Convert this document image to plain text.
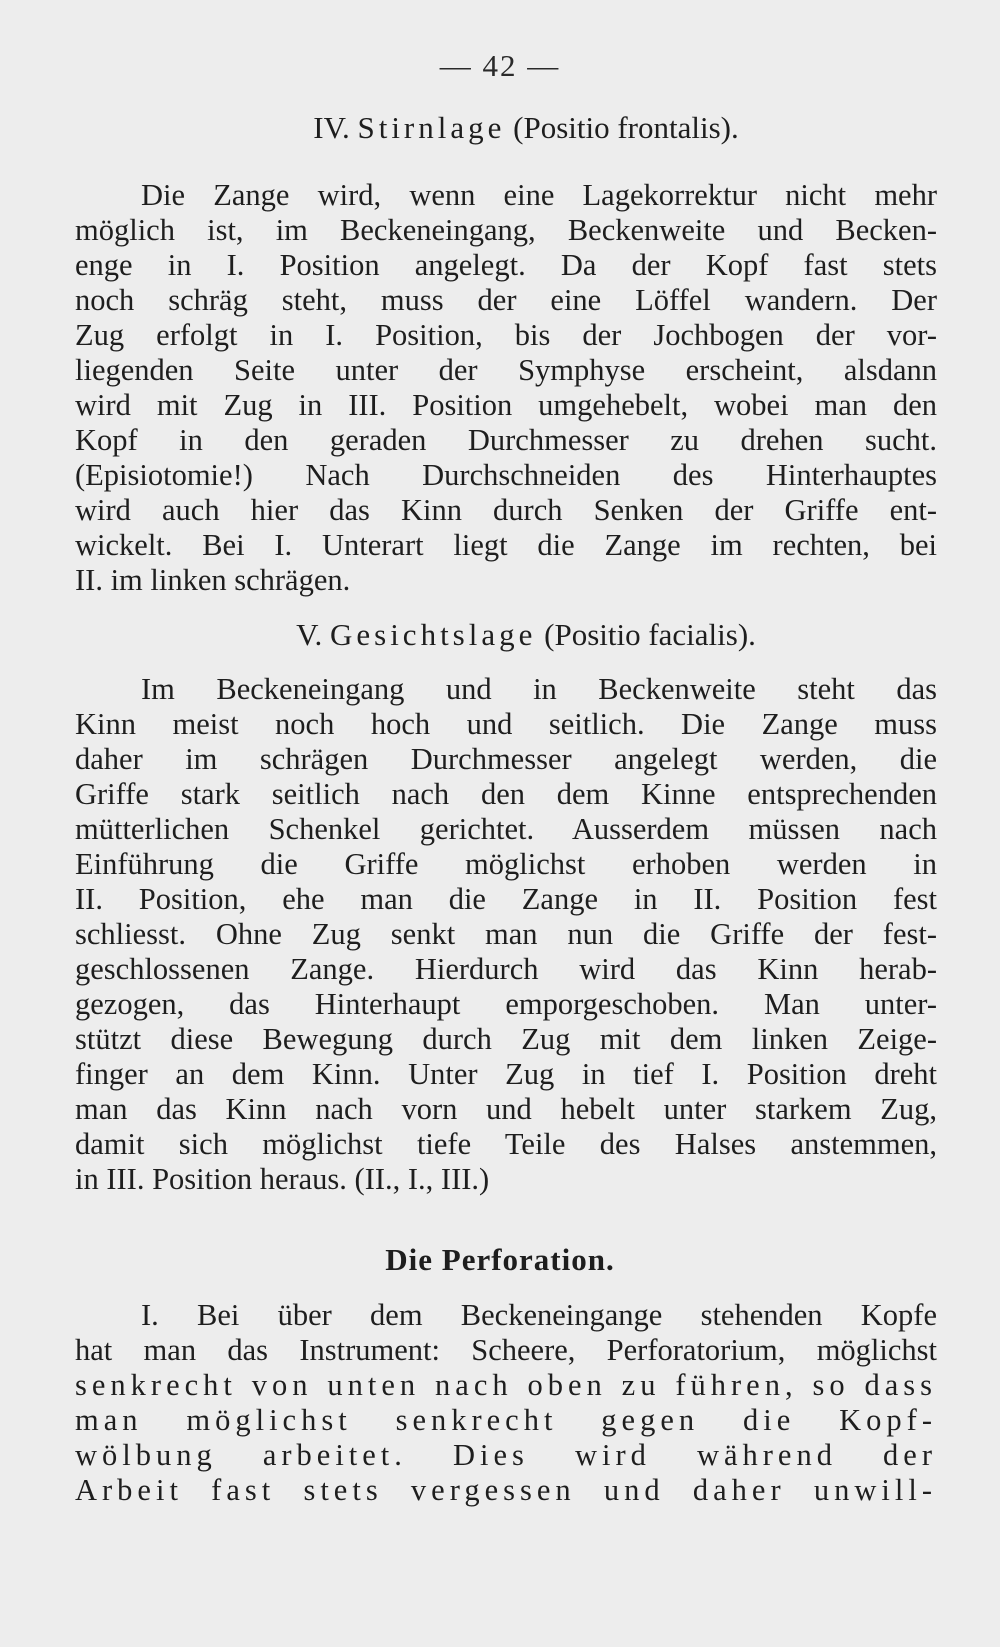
— 42 —
IV. Stirnlage (Positio frontalis).
Die Zange wird, wenn eine Lagekorrektur nicht mehr
möglich ist, im Beckeneingang, Beckenweite und Becken-
enge in I. Position angelegt. Da der Kopf fast stets
noch schräg steht, muss der eine Löffel wandern. Der
Zug erfolgt in I. Position, bis der Jochbogen der vor-
liegenden Seite unter der Symphyse erscheint, alsdann
wird mit Zug in III. Position umgehebelt, wobei man den
Kopf in den geraden Durchmesser zu drehen sucht.
(Episiotomie!) Nach Durchschneiden des Hinterhauptes
wird auch hier das Kinn durch Senken der Griffe ent-
wickelt. Bei I. Unterart liegt die Zange im rechten, bei
II. im linken schrägen.
V. Gesichtslage (Positio facialis).
Im Beckeneingang und in Beckenweite steht das
Kinn meist noch hoch und seitlich. Die Zange muss
daher im schrägen Durchmesser angelegt werden, die
Griffe stark seitlich nach den dem Kinne entsprechenden
mütterlichen Schenkel gerichtet. Ausserdem müssen nach
Einführung die Griffe möglichst erhoben werden in
II. Position, ehe man die Zange in II. Position fest
schliesst. Ohne Zug senkt man nun die Griffe der fest-
geschlossenen Zange. Hierdurch wird das Kinn herab-
gezogen, das Hinterhaupt emporgeschoben. Man unter-
stützt diese Bewegung durch Zug mit dem linken Zeige-
finger an dem Kinn. Unter Zug in tief I. Position dreht
man das Kinn nach vorn und hebelt unter starkem Zug,
damit sich möglichst tiefe Teile des Halses anstemmen,
in III. Position heraus. (II., I., III.)
Die Perforation.
I. Bei über dem Beckeneingange stehenden Kopfe
hat man das Instrument: Scheere, Perforatorium, möglichst
senkrecht von unten nach oben zu führen, so dass
man möglichst senkrecht gegen die Kopf-
wölbung arbeitet. Dies wird während der
Arbeit fast stets vergessen und daher unwill-
